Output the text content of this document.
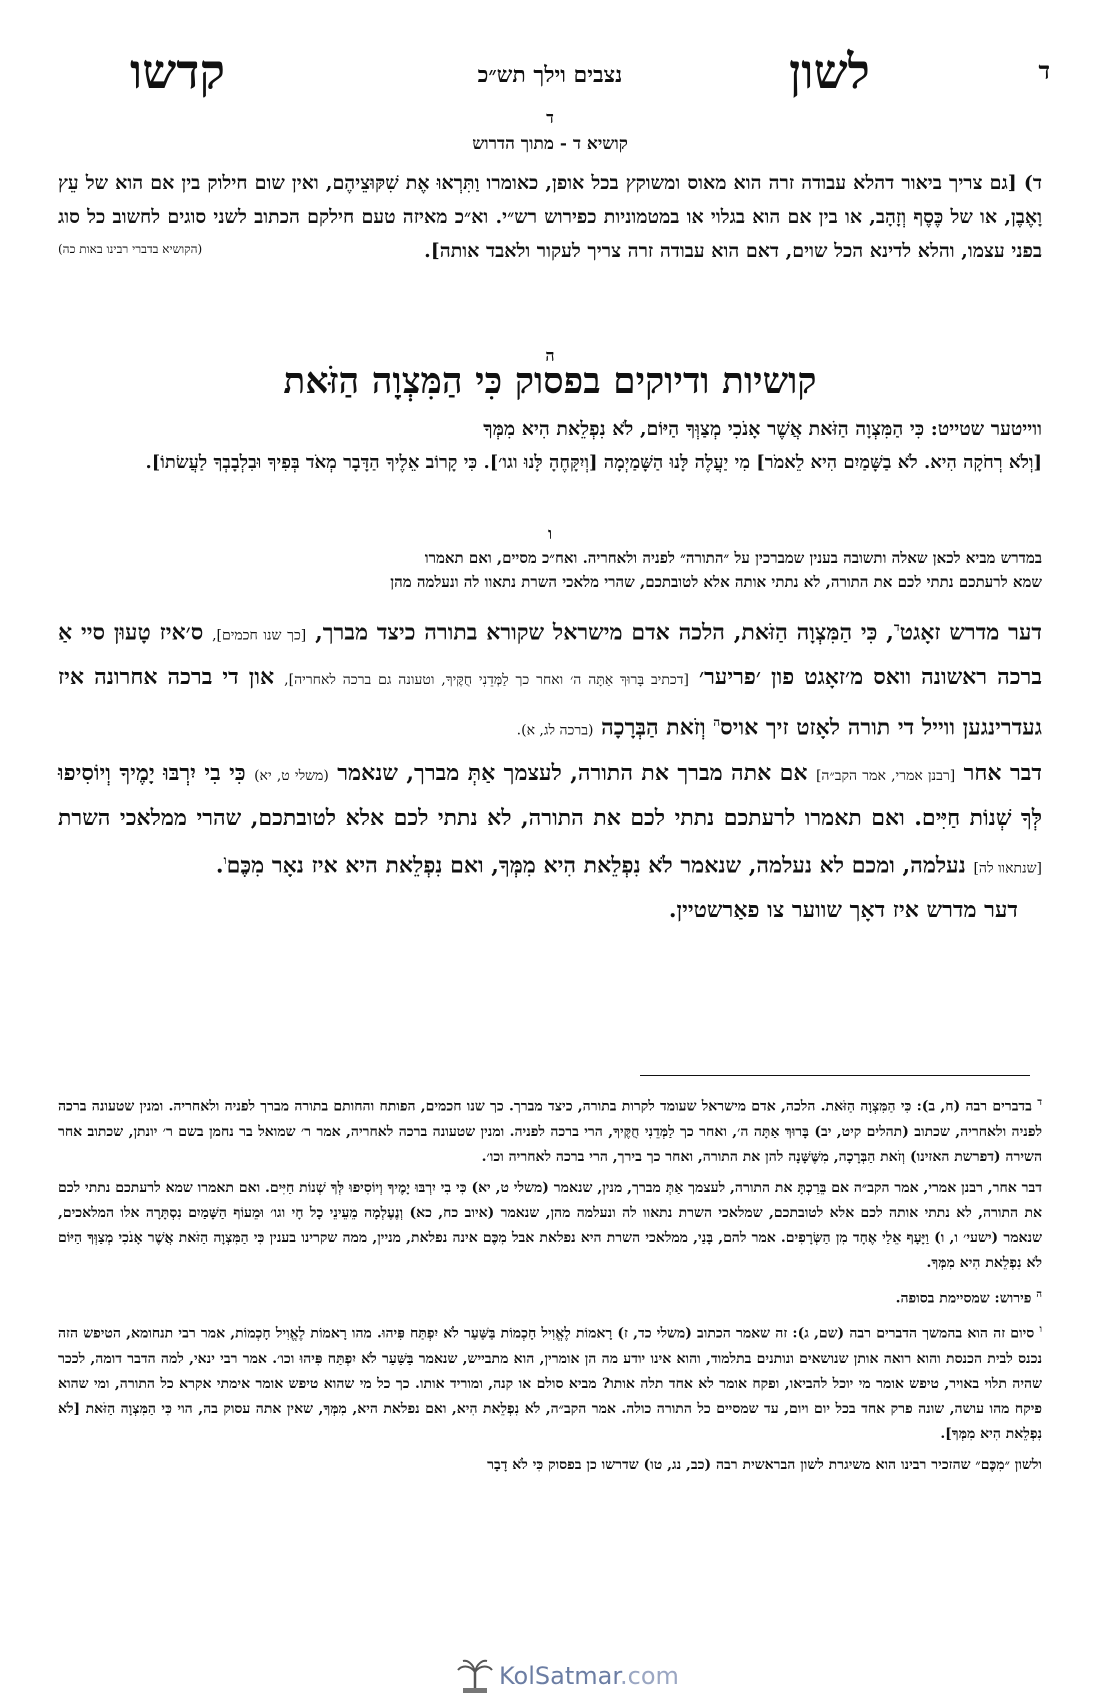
ד
לשון
נצבים וילך תש״כ
קדשו
ד
קושיא ד - מתוך הדרוש
ד) [גם צריך ביאור דהלא עבודה זרה הוא מאוס ומשוקץ בכל אופן, כאומרו וַתִּרְאוּ אֶת שִׁקּוּצֵיהֶם, ואין שום חילוק בין אם הוא של עֵץ וָאֶבֶן, או של כֶּסֶף וְזָהָב, או בין אם הוא בגלוי או במטמוניות כפירוש רש״י. וא״כ מאיזה טעם חילקם הכתוב לשני סוגים לחשוב כל סוג בפני עצמו, והלא לדינא הכל שוים, דאם הוא עבודה זרה צריך לעקור ולאבד אותה].
(הקושיא בדברי רבינו באות כה)
ה
קושיות ודיוקים בפסוק כִּי הַמִּצְוָה הַזֹּאת
ווייטער שטייט: כִּי הַמִּצְוָה הַזֹּאת אֲשֶׁר אָנֹכִי מְצַוְּךָ הַיּוֹם, לֹא נִפְלֵאת הִיא מִמְּךָ
[וְלֹא רְחֹקָה הִיא. לֹא בַשָּׁמַיִם הִיא לֵאמֹר] מִי יַעֲלֶה לָּנוּ הַשָּׁמַיְמָה [וְיִקָּחֶהָ לָּנוּ וגו׳]. כִּי קָרוֹב אֵלֶיךָ הַדָּבָר מְאֹד בְּפִיךָ וּבִלְבָבְךָ לַעֲשׂתוֹ].
ו
במדרש מביא לכאן שאלה ותשובה בענין שמברכין על ״התורה״ לפניה ולאחריה. ואח״כ מסיים, ואם תאמרו
שמא לרעתכם נתתי לכם את התורה, לא נתתי אותה אלא לטובתכם, שהרי מלאכי השרת נתאוו לה ונעלמה מהן
דער מדרש זאָגט$^ד$, כִּי הַמִּצְוָה הַזֹּאת, הלכה אדם מישראל שקורא בתורה כיצד מברך, [כך שנו חכמים], ס׳איז טָעוּן סיי אַ ברכה ראשונה וואס מ׳זאָגט פון ׳פריער׳ [דכתיב בָּרוּךְ אַתָּה ה׳ ואחר כך לַמְּדֵנִי חֻקֶּיךָ, וטעונה גם ברכה לאחריה], און די ברכה אחרונה איז געדרינגען ווייל די תורה לאָזט זיך אויס$^ה$ וְזֹאת הַבְּרָכָה (ברכה לג, א).
דבר אחר [רבנן אמרי, אמר הקב״ה] אם אתה מברך את התורה, לעצמך אַתְּ מברך, שנאמר (משלי ט, יא) כִּי בִי יִרְבּוּ יָמֶיךָ וְיוֹסִיפוּ לְּךָ שְׁנוֹת חַיִּים. ואם תאמרו לרעתכם נתתי לכם את התורה, לא נתתי לכם אלא לטובתכם, שהרי ממלאכי השרת [שנתאוו לה] נעלמה, ומכם לא נעלמה, שנאמר לֹא נִפְלֵאת הִיא מִמְּךָ, ואם נִפְלֵאת היא איז נאָר מִכֶּם$^ו$.
דער מדרש איז דאָך שווער צו פאַרשטיין.
$^ד$ בדברים רבה (ח, ב): כִּי הַמִּצְוָה הַזֹּאת. הלכה, אדם מישראל שעומד לקרות בתורה, כיצד מברך. כך שנו חכמים, הפותח והחותם בתורה מברך לפניה ולאחריה. ומנין שטעונה ברכה לפניה ולאחריה, שכתוב (תהלים קיט, יב) בָּרוּךְ אַתָּה ה׳, ואחר כך לַמְּדֵנִי חֻקֶּיךָ, הרי ברכה לפניה. ומנין שטעונה ברכה לאחריה, אמר ר׳ שמואל בר נחמן בשם ר׳ יונתן, שכתוב אחר השירה (דפרשת האזינו) וְזֹאת הַבְּרָכָה, מִשֶּׁשָּׁנָה להן את התורה, ואחר כך בירך, הרי ברכה לאחריה וכו׳.
דבר אחר, רבנן אמרי, אמר הקב״ה אם בֵּרַכְתָּ את התורה, לעצמך אַתְּ מברך, מנין, שנאמר (משלי ט, יא) כִּי בִי יִרְבּוּ יָמֶיךָ וְיוֹסִיפוּ לְּךָ שְׁנוֹת חַיִּים. ואם תאמרו שמא לרעתכם נתתי לכם את התורה, לא נתתי אותה לכם אלא לטובתכם, שמלאכי השרת נתאוו לה ונעלמה מהן, שנאמר (איוב כח, כא) וְנֶעֶלְמָה מֵעֵינֵי כָל חָי וגו׳ וּמֵעוֹף הַשָּׁמַיִם נִסְתָּרָה אלו המלאכים, שנאמר (ישעי׳ ו, ו) וַיָּעָף אֵלַי אֶחָד מִן הַשְּׂרָפִים. אמר להם, בָּנַי, ממלאכי השרת היא נפלאת אבל מִכֶּם אינה נפלאת, מניין, ממה שקרינו בענין כִּי הַמִּצְוָה הַזֹּאת אֲשֶׁר אָנֹכִי מְצַוְּךָ הַיּוֹם לֹא נִפְלֵאת הִיא מִמְּךָ.
$^ה$ פירוש: שמסיימת בסופה.
$^ו$ סיום זה הוא בהמשך הדברים רבה (שם, ג): זה שאמר הכתוב (משלי כד, ז) רָאמוֹת לֶאֱוִיל חָכְמוֹת בַּשַּׁעַר לֹא יִפְתַּח פִּיהוּ. מהו רָאמוֹת לֶאֱוִיל חָכְמוֹת, אמר רבי תנחומא, הטיפש הזה נכנס לבית הכנסת והוא רואה אותן שנושאים ונותנים בתלמוד, והוא אינו יודע מה הן אומרין, הוא מתבייש, שנאמר בַּשַּׁעַר לֹא יִפְתַּח פִּיהוּ וכו׳. אמר רבי ינאי, למה הדבר דומה, לככר שהיה תלוי באויר, טיפש אומר מי יוכל להביאו, ופקח אומר לא אחד תלה אותו? מביא סולם או קנה, ומוריד אותו. כך כל מי שהוא טיפש אומר אימתי אקרא כל התורה, ומי שהוא פיקח מהו עושה, שונה פרק אחד בכל יום ויום, עד שמסיים כל התורה כולה. אמר הקב״ה, לֹא נִפְלֵאת הִיא, ואם נפלאת היא, מִמְּךָ, שאין אתה עסוק בה, הוי כִּי הַמִּצְוָה הַזֹּאת [לֹא נִפְלֵאת הִיא מִמְּךָ].
ולשון ״מִכֶּם״ שהזכיר רבינו הוא משיגרת לשון הבראשית רבה (כב, נג, טו) שדרשו כן בפסוק כִּי לֹא דָבָר
KolSatmar.com
